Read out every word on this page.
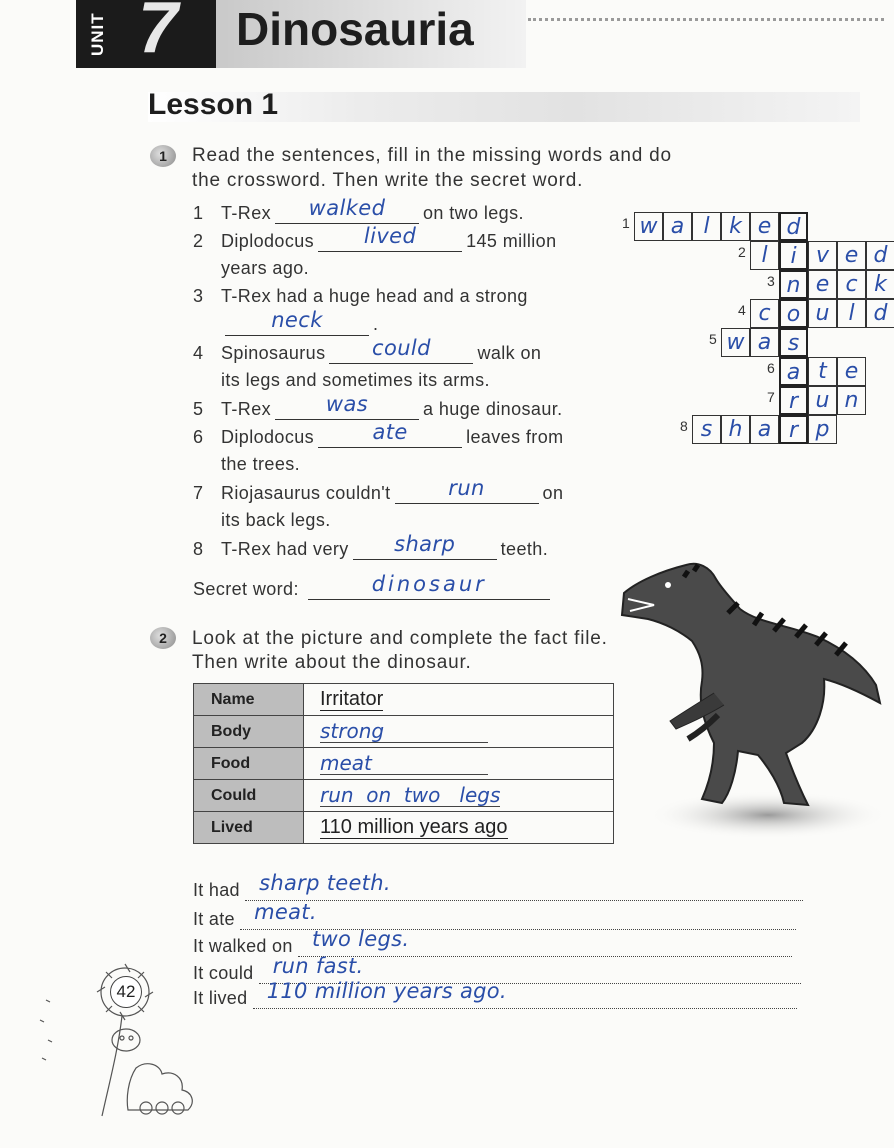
UNIT 7 Dinosauria
Lesson 1
1	Read the sentences, fill in the missing words and do
the crossword. Then write the secret word.
1 T-Rex walked on two legs.
2 Diplodocus lived	145 million
years ago.
3 T-Rex had a huge head and a strong
neck	.
4 Spinosaurus could	walk on
its legs and sometimes its arms.
5 T-Rex	was	a huge dinosaur.
6 Diplodocus	ate	leaves from
the trees.
7 Riojasaurus couldn't	run	on
its back legs.
8 T-Rex had very sharp	teeth.
Secret word:	dinosaur
1 w a l k e d
2 l	i v e d
3 n e c k
4 c o u l d
5 w a s
6 a t e
7 r u n
8 s h a r p
2	Look at the picture and complete the fact file.
Then write about the dinosaur.
Name	Irritator
Body	strong
Food	meat
Could	run  on  two   legs
Lived	110 million years ago
It had sharp teeth.
It ate meat.
It walked on two legs.
It could run fast.
It lived 110 million years ago.
42
